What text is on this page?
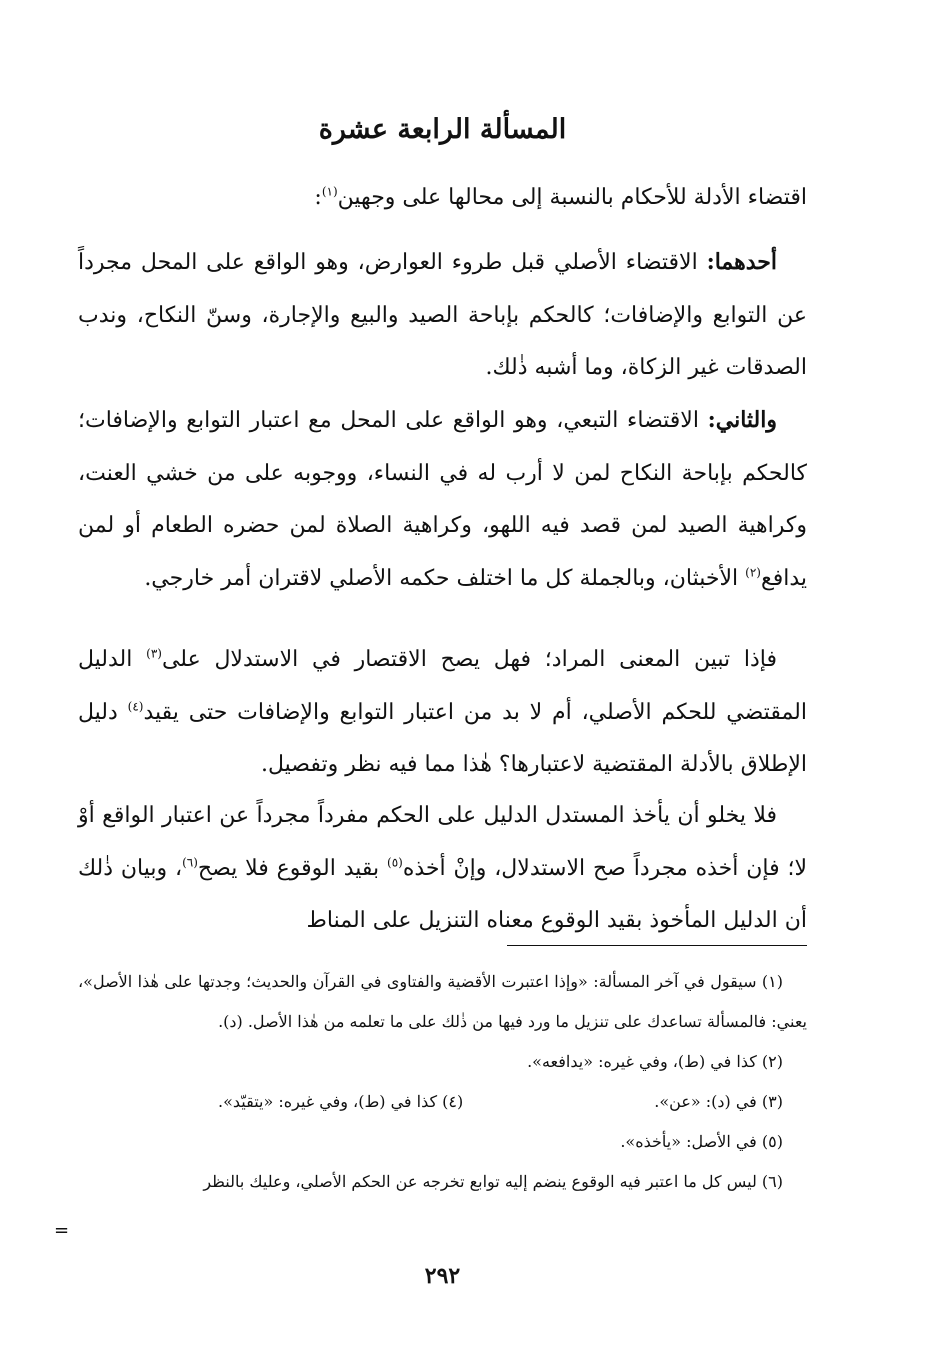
المسألة الرابعة عشرة

اقتضاء الأدلة للأحكام بالنسبة إلى محالها على وجهين$^{(١)}$:

أحدهما: الاقتضاء الأصلي قبل طروء العوارض، وهو الواقع على المحل مجرداً عن التوابع والإضافات؛ كالحكم بإباحة الصيد والبيع والإجارة، وسنّ النكاح، وندب الصدقات غير الزكاة، وما أشبه ذٰلك.

والثاني: الاقتضاء التبعي، وهو الواقع على المحل مع اعتبار التوابع والإضافات؛ كالحكم بإباحة النكاح لمن لا أرب له في النساء، ووجوبه على من خشي العنت، وكراهية الصيد لمن قصد فيه اللهو، وكراهية الصلاة لمن حضره الطعام أو لمن يدافع$^{(٢)}$ الأخبثان، وبالجملة كل ما اختلف حكمه الأصلي لاقتران أمر خارجي.

فإذا تبين المعنى المراد؛ فهل يصح الاقتصار في الاستدلال على$^{(٣)}$ الدليل المقتضي للحكم الأصلي، أم لا بد من اعتبار التوابع والإضافات حتى يقيد$^{(٤)}$ دليل الإطلاق بالأدلة المقتضية لاعتبارها؟ هٰذا مما فيه نظر وتفصيل.

فلا يخلو أن يأخذ المستدل الدليل على الحكم مفرداً مجرداً عن اعتبار الواقع أوْ لا؛ فإن أخذه مجرداً صح الاستدلال، وإنْ أخذه$^{(٥)}$ بقيد الوقوع فلا يصح$^{(٦)}$، وبيان ذٰلك أن الدليل المأخوذ بقيد الوقوع معناه التنزيل على المناط

(١) سيقول في آخر المسألة: «وإذا اعتبرت الأقضية والفتاوى في القرآن والحديث؛ وجدتها على هٰذا الأصل»، يعني: فالمسألة تساعدك على تنزيل ما ورد فيها من ذٰلك على ما تعلمه من هٰذا الأصل. (د).
(٢) كذا في (ط)، وفي غيره: «يدافعه».
(٣) في (د): «عن».
(٤) كذا في (ط)، وفي غيره: «يتقيّد».
(٥) في الأصل: «يأخذه».
(٦) ليس كل ما اعتبر فيه الوقوع ينضم إليه توابع تخرجه عن الحكم الأصلي، وعليك بالنظر
=
٢٩٢
